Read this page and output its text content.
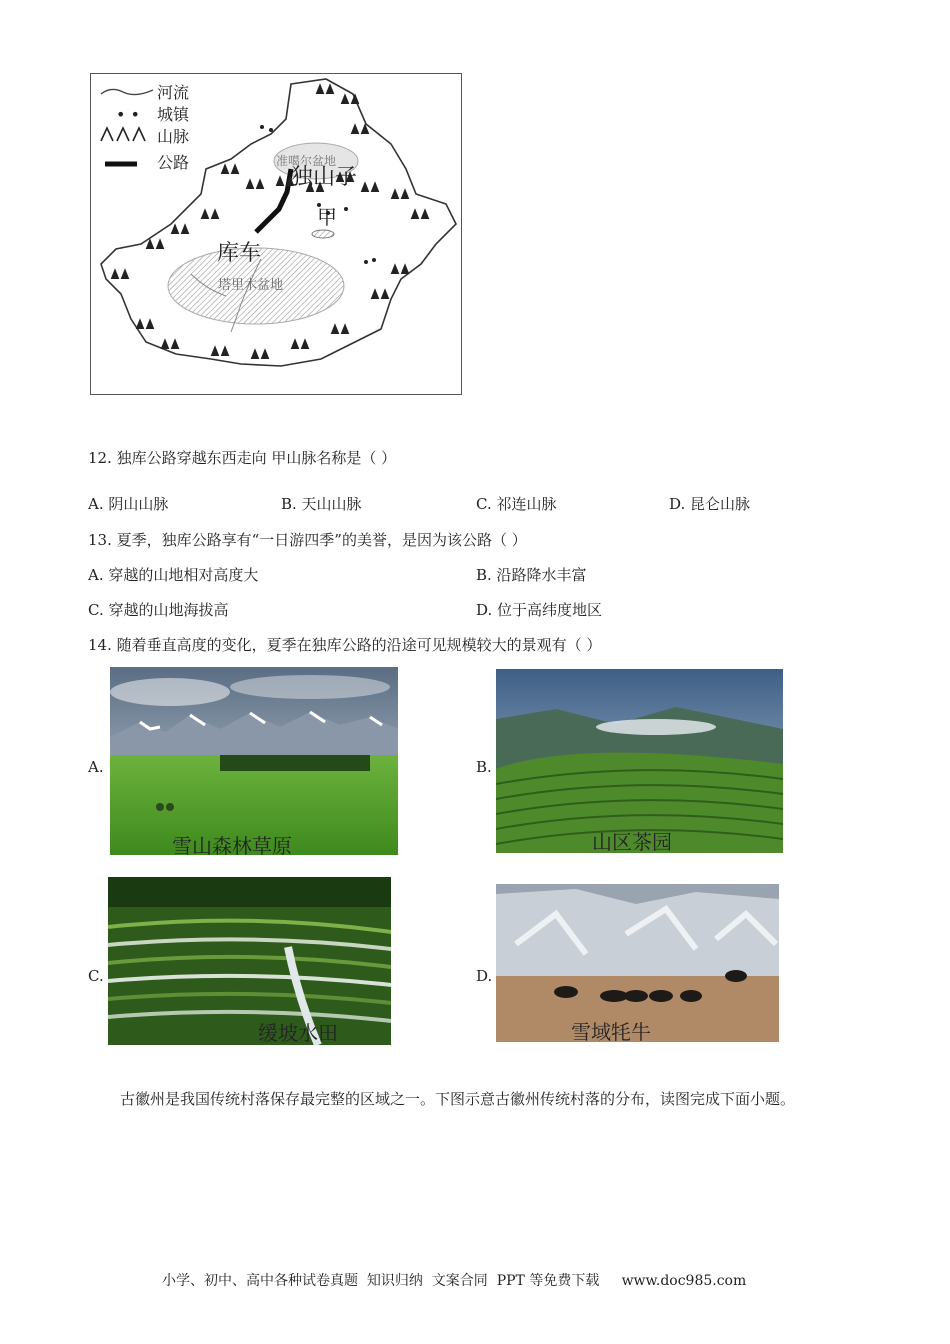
河流
• •	城镇
山脉
公路	准噶尔盆地
独山子
甲
库车
塔里木盆地
12. 独库公路穿越东西走向 甲山脉名称是（ ）
A. 阴山山脉	B. 天山山脉	C. 祁连山脉	D. 昆仑山脉
13. 夏季，独库公路享有“一日游四季”的美誉，是因为该公路（ ）
A. 穿越的山地相对高度大	B. 沿路降水丰富
C. 穿越的山地海拔高	D. 位于高纬度地区
14. 随着垂直高度的变化，夏季在独库公路的沿途可见规模较大的景观有（ ）
A.
雪山森林草原
B.
山区茶园
C.
缓坡水田
D.
雪域牦牛
古徽州是我国传统村落保存最完整的区域之一。下图示意古徽州传统村落的分布，读图完成下面小题。
小学、初中、高中各种试卷真题  知识归纳  文案合同  PPT 等免费下载     www.doc985.com
